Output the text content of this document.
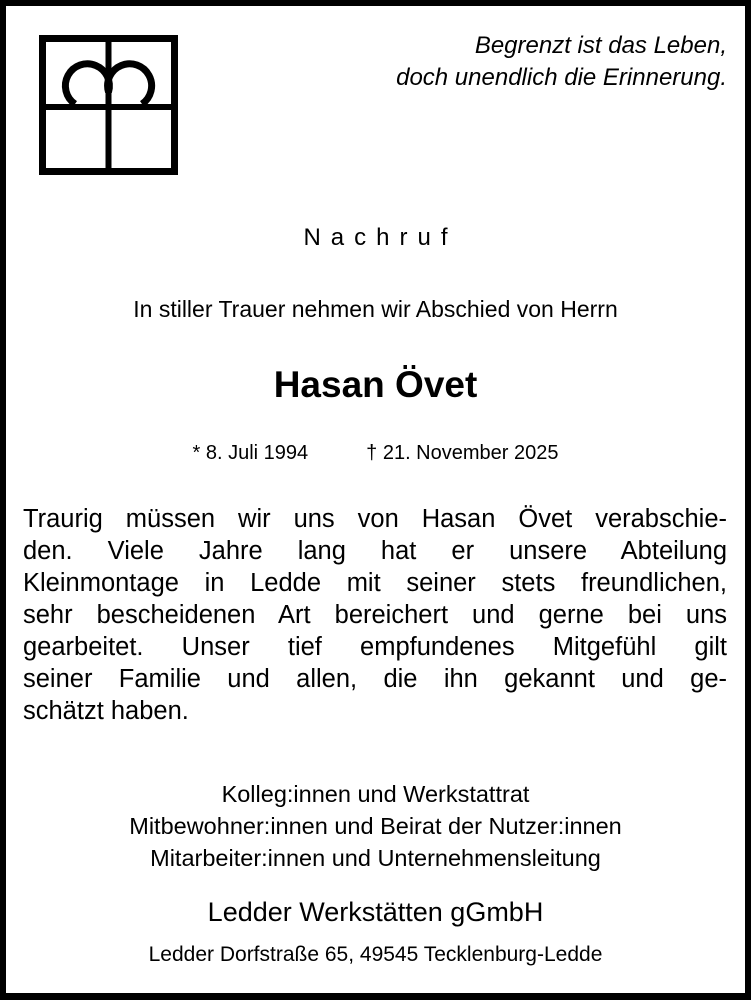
Begrenzt ist das Leben,
doch unendlich die Erinnerung.
Nachruf
In stiller Trauer nehmen wir Abschied von Herrn
Hasan Övet
* 8. Juli 1994	† 21. November 2025
Traurig müssen wir uns von Hasan Övet verabschie-
den. Viele Jahre lang hat er unsere Abteilung
Kleinmontage in Ledde mit seiner stets freundlichen,
sehr bescheidenen Art bereichert und gerne bei uns
gearbeitet. Unser tief empfundenes Mitgefühl gilt
seiner Familie und allen, die ihn gekannt und ge-
schätzt haben.
Kolleg:innen und Werkstattrat
Mitbewohner:innen und Beirat der Nutzer:innen
Mitarbeiter:innen und Unternehmensleitung
Ledder Werkstätten gGmbH
Ledder Dorfstraße 65, 49545 Tecklenburg-Ledde
